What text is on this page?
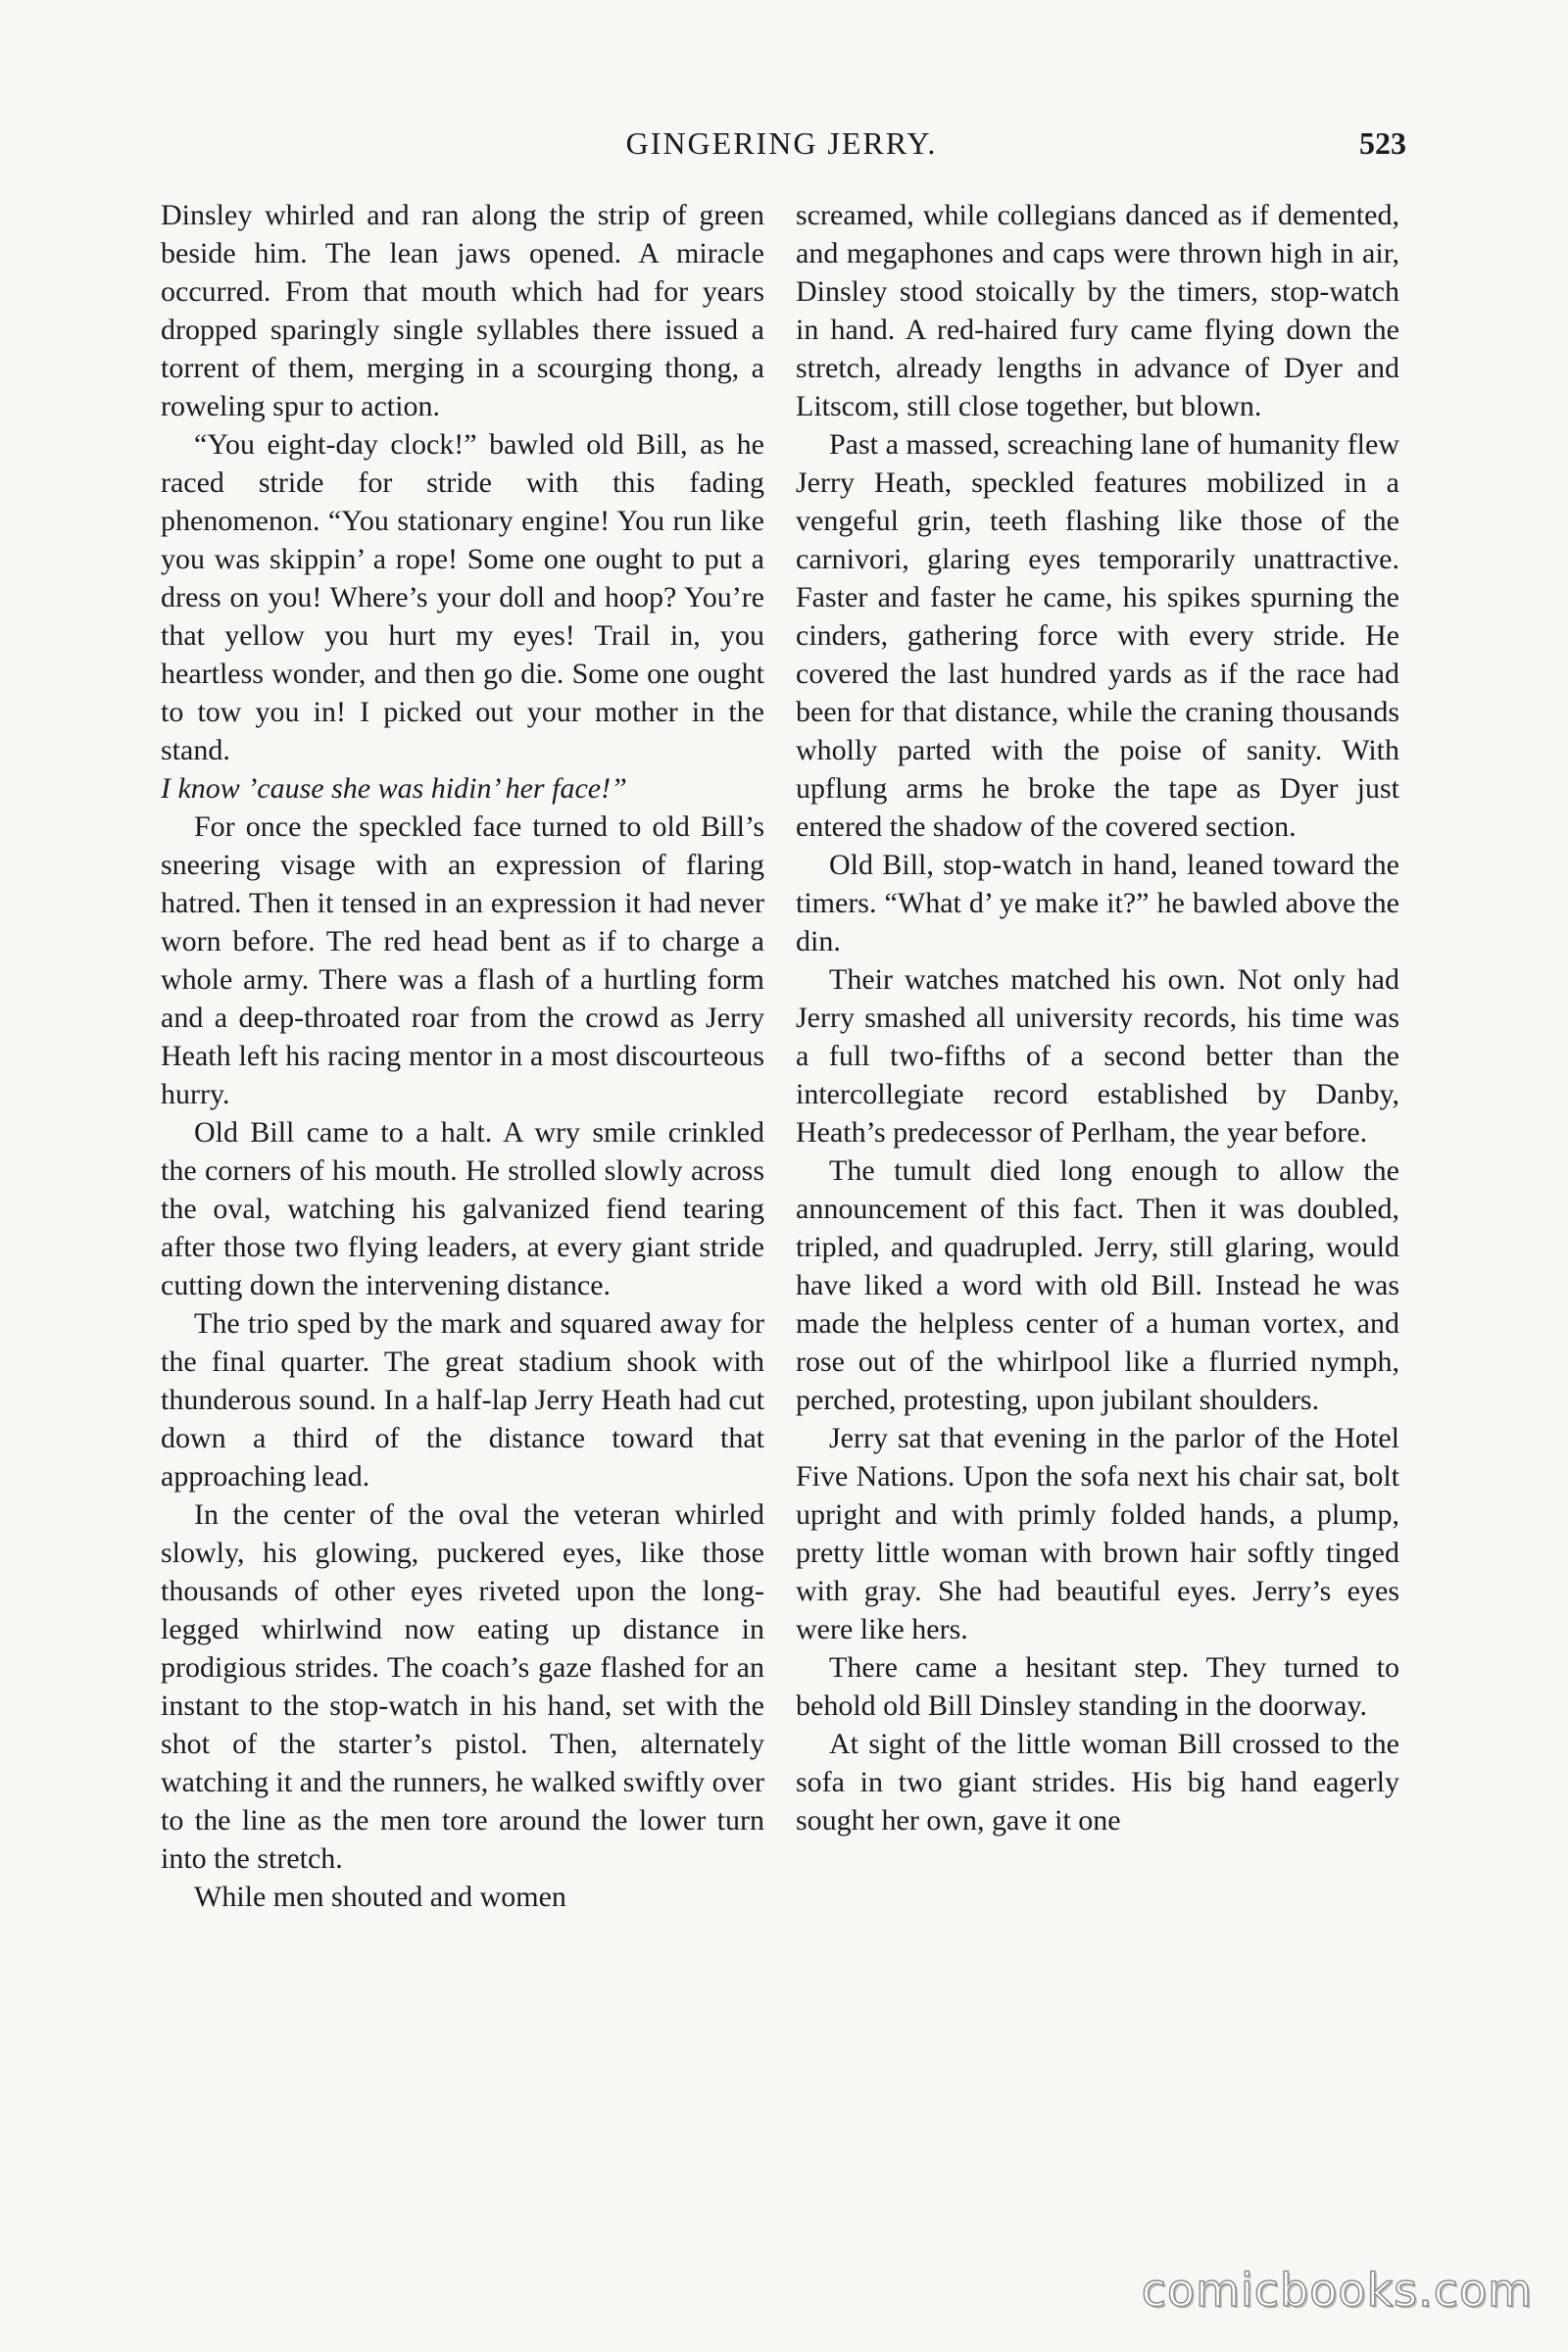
GINGERING JERRY.	523

Dinsley whirled and ran along the strip of green beside him. The lean jaws opened. A miracle occurred. From that mouth which had for years dropped sparingly single syllables there issued a torrent of them, merging in a scourging thong, a roweling spur to action.

“You eight-day clock!” bawled old Bill, as he raced stride for stride with this fading phenomenon. “You stationary engine! You run like you was skippin’ a rope! Some one ought to put a dress on you! Where’s your doll and hoop? You’re that yellow you hurt my eyes! Trail in, you heartless wonder, and then go die. Some one ought to tow you in! I picked out your mother in the stand.

I know ’cause she was hidin’ her face!”

For once the speckled face turned to old Bill’s sneering visage with an expression of flaring hatred. Then it tensed in an expression it had never worn before. The red head bent as if to charge a whole army. There was a flash of a hurtling form and a deep-throated roar from the crowd as Jerry Heath left his racing mentor in a most discourteous hurry.

Old Bill came to a halt. A wry smile crinkled the corners of his mouth. He strolled slowly across the oval, watching his galvanized fiend tearing after those two flying leaders, at every giant stride cutting down the intervening distance.

The trio sped by the mark and squared away for the final quarter. The great stadium shook with thunderous sound. In a half-lap Jerry Heath had cut down a third of the distance toward that approaching lead.

In the center of the oval the veteran whirled slowly, his glowing, puckered eyes, like those thousands of other eyes riveted upon the long-legged whirlwind now eating up distance in prodigious strides. The coach’s gaze flashed for an instant to the stop-watch in his hand, set with the shot of the starter’s pistol. Then, alternately watching it and the runners, he walked swiftly over to the line as the men tore around the lower turn into the stretch.

While men shouted and women

screamed, while collegians danced as if demented, and megaphones and caps were thrown high in air, Dinsley stood stoically by the timers, stop-watch in hand. A red-haired fury came flying down the stretch, already lengths in advance of Dyer and Litscom, still close together, but blown.

Past a massed, screaching lane of humanity flew Jerry Heath, speckled features mobilized in a vengeful grin, teeth flashing like those of the carnivori, glaring eyes temporarily unattractive. Faster and faster he came, his spikes spurning the cinders, gathering force with every stride. He covered the last hundred yards as if the race had been for that distance, while the craning thousands wholly parted with the poise of sanity. With upflung arms he broke the tape as Dyer just entered the shadow of the covered section.

Old Bill, stop-watch in hand, leaned toward the timers. “What d’ ye make it?” he bawled above the din.

Their watches matched his own. Not only had Jerry smashed all university records, his time was a full two-fifths of a second better than the intercollegiate record established by Danby, Heath’s predecessor of Perlham, the year before.

The tumult died long enough to allow the announcement of this fact. Then it was doubled, tripled, and quadrupled. Jerry, still glaring, would have liked a word with old Bill. Instead he was made the helpless center of a human vortex, and rose out of the whirlpool like a flurried nymph, perched, protesting, upon jubilant shoulders.

Jerry sat that evening in the parlor of the Hotel Five Nations. Upon the sofa next his chair sat, bolt upright and with primly folded hands, a plump, pretty little woman with brown hair softly tinged with gray. She had beautiful eyes. Jerry’s eyes were like hers.

There came a hesitant step. They turned to behold old Bill Dinsley standing in the doorway.

At sight of the little woman Bill crossed to the sofa in two giant strides. His big hand eagerly sought her own, gave it one

comicbooks.com
